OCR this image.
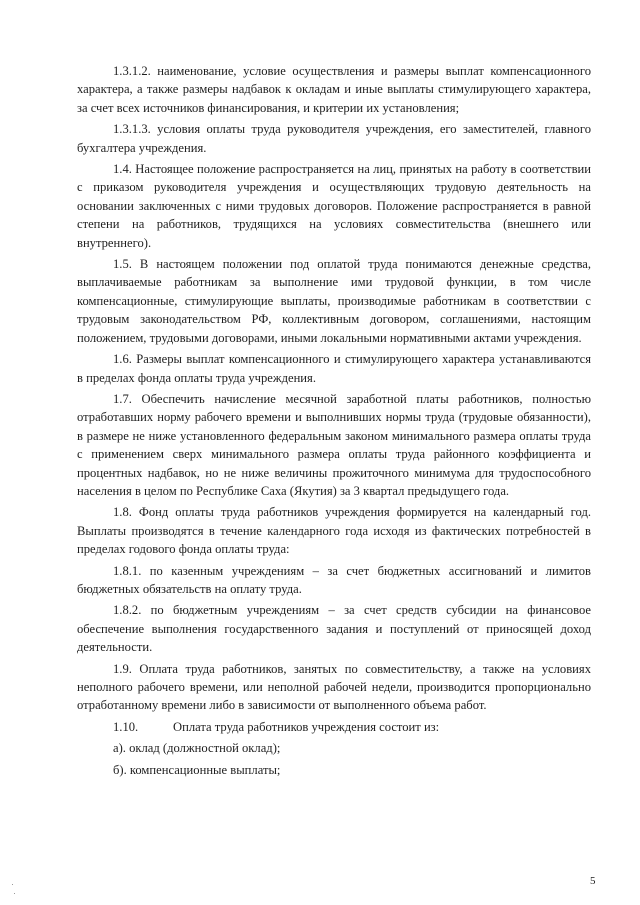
1.3.1.2. наименование, условие осуществления и размеры выплат компенсационного характера, а также размеры надбавок к окладам и иные выплаты стимулирующего характера, за счет всех источников финансирования, и критерии их установления;

1.3.1.3. условия оплаты труда руководителя учреждения, его заместителей, главного бухгалтера учреждения.

1.4. Настоящее положение распространяется на лиц, принятых на работу в соответствии с приказом руководителя учреждения и осуществляющих трудовую деятельность на основании заключенных с ними трудовых договоров. Положение распространяется в равной степени на работников, трудящихся на условиях совместительства (внешнего или внутреннего).

1.5. В настоящем положении под оплатой труда понимаются денежные средства, выплачиваемые работникам за выполнение ими трудовой функции, в том числе компенсационные, стимулирующие выплаты, производимые работникам в соответствии с трудовым законодательством РФ, коллективным договором, соглашениями, настоящим положением, трудовыми договорами, иными локальными нормативными актами учреждения.

1.6. Размеры выплат компенсационного и стимулирующего характера устанавливаются в пределах фонда оплаты труда учреждения.

1.7. Обеспечить начисление месячной заработной платы работников, полностью отработавших норму рабочего времени и выполнивших нормы труда (трудовые обязанности), в размере не ниже установленного федеральным законом минимального размера оплаты труда с применением сверх минимального размера оплаты труда районного коэффициента и процентных надбавок, но не ниже величины прожиточного минимума для трудоспособного населения в целом по Республике Саха (Якутия) за 3 квартал предыдущего года.

1.8. Фонд оплаты труда работников учреждения формируется на календарный год. Выплаты производятся в течение календарного года исходя из фактических потребностей в пределах годового фонда оплаты труда:

1.8.1. по казенным учреждениям – за счет бюджетных ассигнований и лимитов бюджетных обязательств на оплату труда.

1.8.2. по бюджетным учреждениям – за счет средств субсидии на финансовое обеспечение выполнения государственного задания и поступлений от приносящей доход деятельности.

1.9. Оплата труда работников, занятых по совместительству, а также на условиях неполного рабочего времени, или неполной рабочей недели, производится пропорционально отработанному времени либо в зависимости от выполненного объема работ.

1.10.	Оплата труда работников учреждения состоит из:
а). оклад (должностной оклад);
б). компенсационные выплаты;
5
